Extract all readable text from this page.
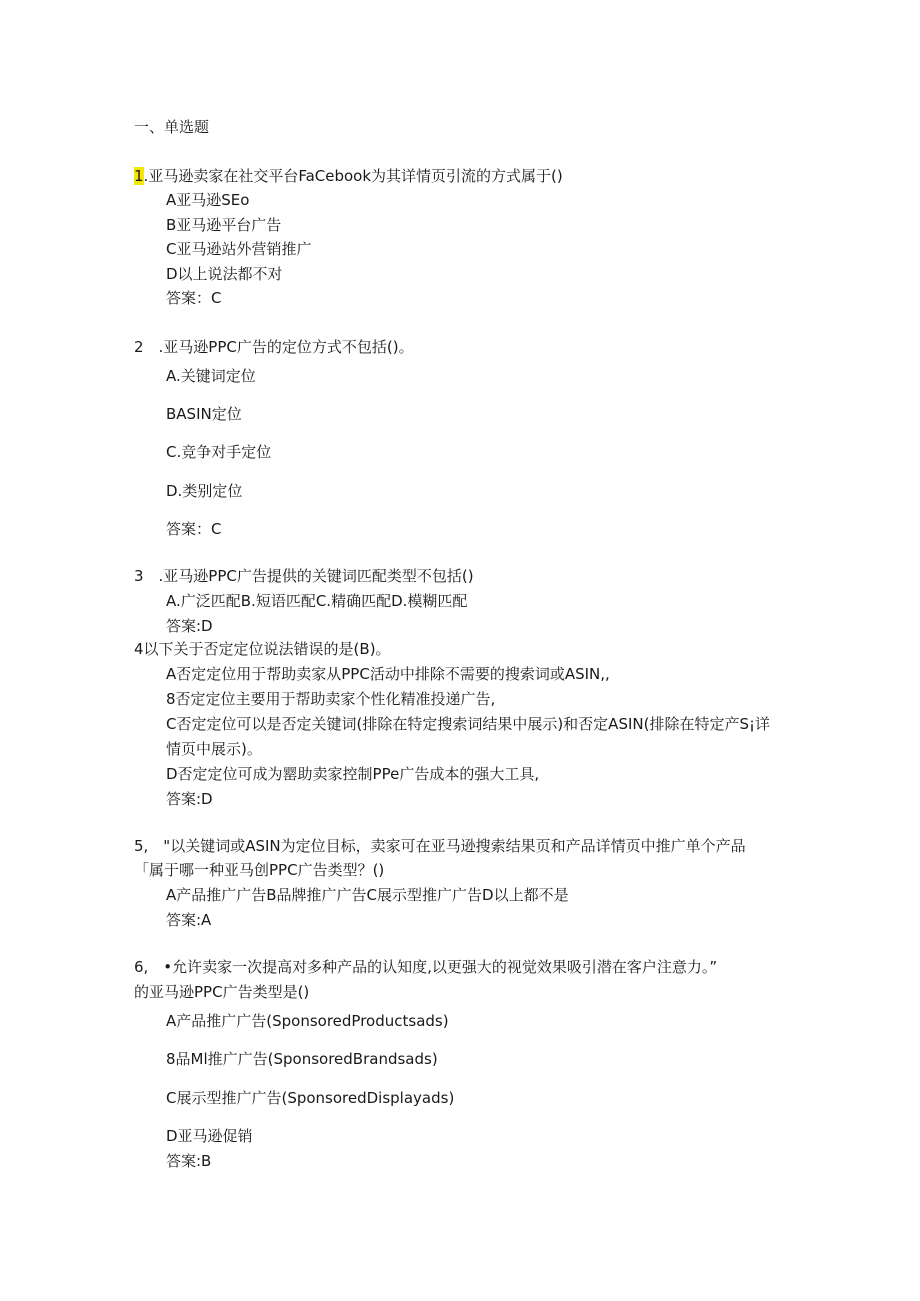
一、单选题
1.亚马逊卖家在社交平台FaCebook为其详情页引流的方式属于()
A亚马逊SEo
B亚马逊平台广告
C亚马逊站外营销推广
D以上说法都不对
答案：C
2　.亚马逊PPC广告的定位方式不包括()。
A.关键词定位
BASIN定位
C.竞争对手定位
D.类别定位
答案：C
3　.亚马逊PPC广告提供的关键词匹配类型不包括()
A.广泛匹配B.短语匹配C.精确匹配D.模糊匹配
答案:D
4以下关于否定定位说法错误的是(B)。
A否定定位用于帮助卖家从PPC活动中排除不需要的搜索词或ASIN,,
8否定定位主要用于帮助卖家个性化精准投递广告,
C否定定位可以是否定关键词(排除在特定搜索词结果中展示)和否定ASIN(排除在特定产S¡详
情页中展示)。
D否定定位可成为罂助卖家控制PPe广告成本的强大工具,
答案:D
5,　"以关键词或ASIN为定位目标，卖家可在亚马逊搜索结果页和产品详情页中推广单个产品
「属于哪一种亚马创PPC广告类型？()
A产品推广广告B品牌推广广告C展示型推广广告D以上都不是
答案:A
6,　•允许卖家一次提高对多种产品的认知度,以更强大的视觉效果吸引潜在客户注意力。”
的亚马逊PPC广告类型是()
A产品推广广告(SponsoredProductsads)
8品Ml推广广告(SponsoredBrandsads)
C展示型推广广告(SponsoredDisplayads)
D亚马逊促销
答案:B
